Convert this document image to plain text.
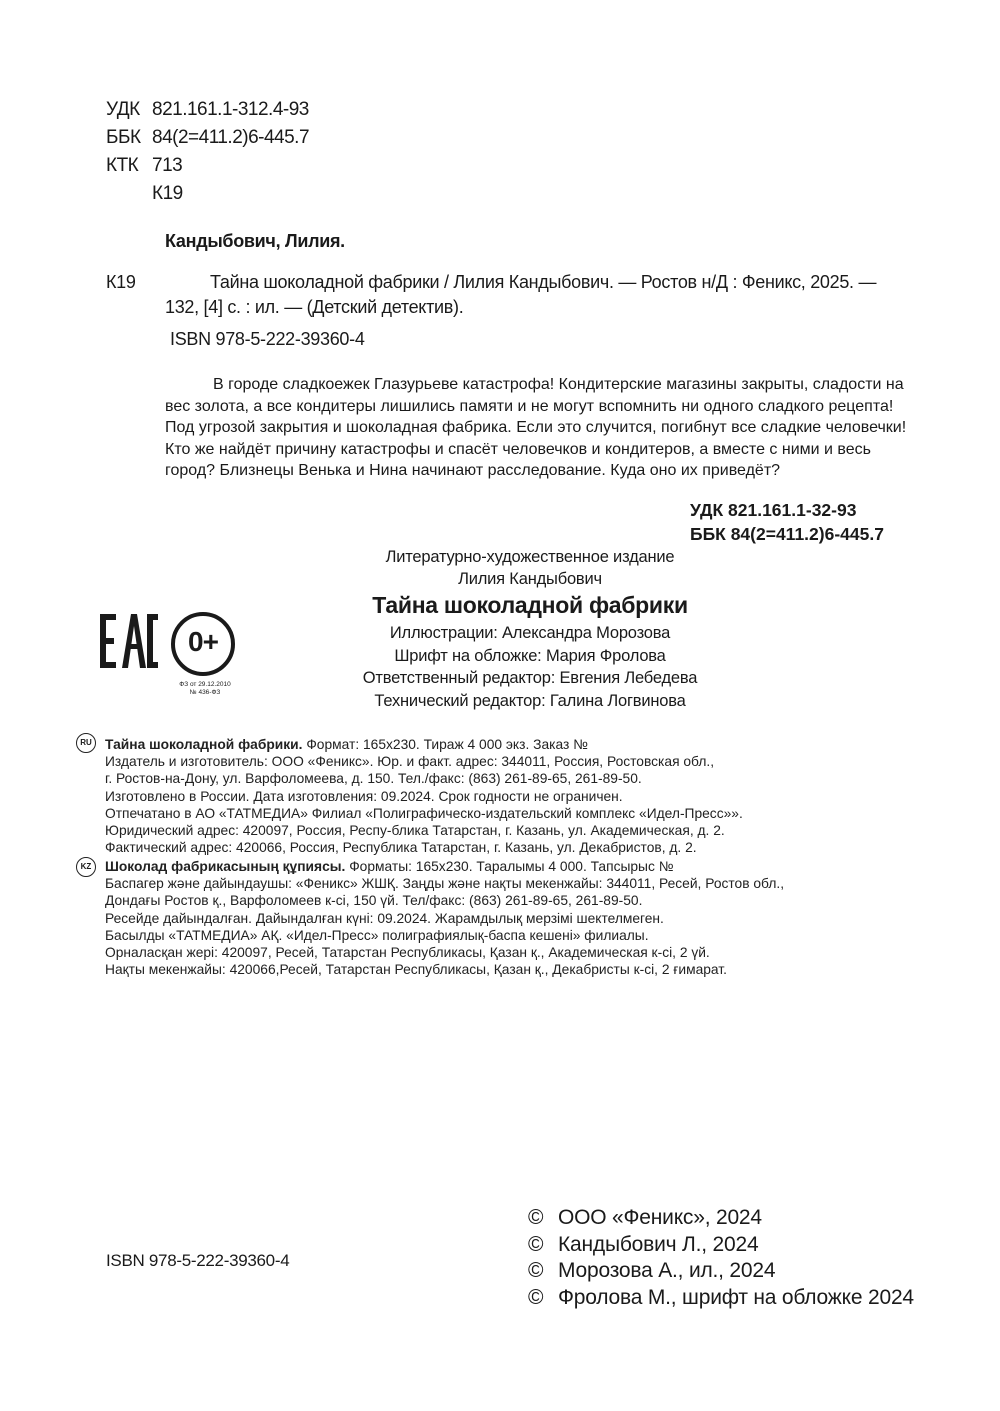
УДК 821.161.1-312.4-93
ББК 84(2=411.2)6-445.7
КТК 713
К19
Кандыбович, Лилия.
К19	Тайна шоколадной фабрики / Лилия Кандыбович. — Ростов н/Д : Феникс, 2025. —
132, [4] с. : ил. — (Детский детектив).
ISBN 978-5-222-39360-4
В городе сладкоежек Глазурьеве катастрофа! Кондитерские магазины закрыты, сладости на
вес золота, а все кондитеры лишились памяти и не могут вспомнить ни одного сладкого рецепта!
Под угрозой закрытия и шоколадная фабрика. Если это случится, погибнут все сладкие человечки!
Кто же найдёт причину катастрофы и спасёт человечков и кондитеров, а вместе с ними и весь
город? Близнецы Венька и Нина начинают расследование. Куда оно их приведёт?
УДК 821.161.1-32-93
ББК 84(2=411.2)6-445.7
Литературно-художественное издание
Лилия Кандыбович
Тайна шоколадной фабрики
Иллюстрации: Александра Морозова
Шрифт на обложке: Мария Фролова
Ответственный редактор: Евгения Лебедева
Технический редактор: Галина Логвинова
0+
ФЗ от 29.12.2010
№ 436-ФЗ
RU Тайна шоколадной фабрики. Формат: 165х230. Тираж 4 000 экз. Заказ №
Издатель и изготовитель: ООО «Феникс». Юр. и факт. адрес: 344011, Россия, Ростовская обл.,
г. Ростов-на-Дону, ул. Варфоломеева, д. 150. Тел./факс: (863) 261-89-65, 261-89-50.
Изготовлено в России. Дата изготовления: 09.2024. Срок годности не ограничен.
Отпечатано в АО «ТАТМЕДИА» Филиал «Полиграфическо-издательский комплекс «Идел-Пресс»».
Юридический адрес: 420097, Россия, Респу-блика Татарстан, г. Казань, ул. Академическая, д. 2.
Фактический адрес: 420066, Россия, Республика Татарстан, г. Казань, ул. Декабристов, д. 2.
KZ Шоколад фабрикасының құпиясы. Форматы: 165х230. Таралымы 4 000. Тапсырыс №
Баспагер және дайындаушы: «Феникс» ЖШҚ. Заңды және нақты мекенжайы: 344011, Ресей, Ростов обл.,
Дондағы Ростов қ., Варфоломеев к-сі, 150 үй. Тел/факс: (863) 261-89-65, 261-89-50.
Ресейде дайындалған. Дайындалған күні: 09.2024. Жарамдылық мерзімі шектелмеген.
Басылды «ТАТМЕДИА» АҚ. «Идел-Пресс» полиграфиялық-баспа кешені» филиалы.
Орналасқан жері: 420097, Ресей, Татарстан Республикасы, Қазан қ., Академическая к-сі, 2 үй.
Нақты мекенжайы: 420066,Ресей, Татарстан Республикасы, Қазан қ., Декабристы к-сі, 2 ғимарат.
ISBN 978-5-222-39360-4
© ООО «Феникс», 2024
© Кандыбович Л., 2024
© Морозова А., ил., 2024
© Фролова М., шрифт на обложке 2024
